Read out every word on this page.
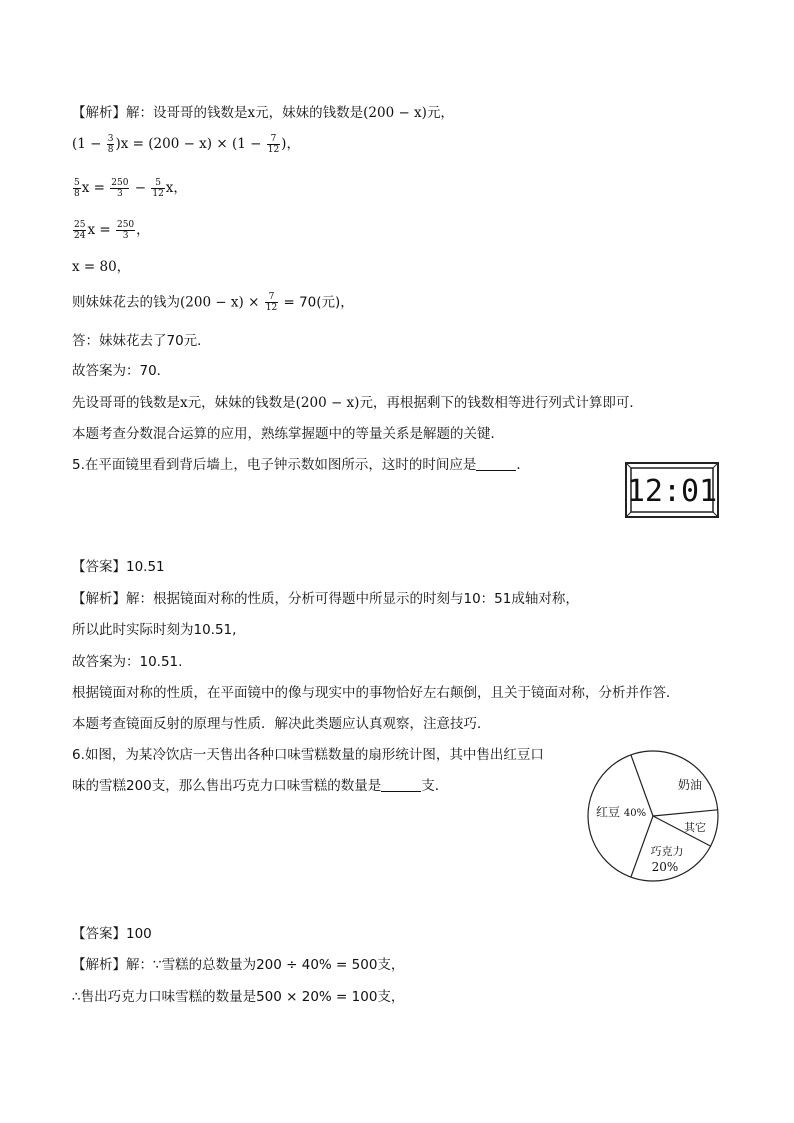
【解析】解：设哥哥的钱数是x元，妹妹的钱数是(200 − x)元，
$(1 - \frac{3}{8} )x = (200 - x) \times (1 - \frac{7}{12}$ )，
$\frac{5}{8}$ $x = \frac{250}{3} - \frac{5}{12}$ x，
$\frac{25}{24}$ $x = \frac{250}{3}$ ，
x = 80，
则妹妹花去的钱为$(200 - x) \times \frac{7}{12} = 70$(元)，
答：妹妹花去了70元．
故答案为：70．
先设哥哥的钱数是x元，妹妹的钱数是(200 − x)元，再根据剩下的钱数相等进行列式计算即可．
本题考查分数混合运算的应用，熟练掌握题中的等量关系是解题的关键．
5.在平面镜里看到背后墙上，电子钟示数如图所示，这时的时间应是	．
12:01
【答案】10.51
【解析】解：根据镜面对称的性质，分析可得题中所显示的时刻与10：51成轴对称，
所以此时实际时刻为10.51,
故答案为：10.51.
根据镜面对称的性质，在平面镜中的像与现实中的事物恰好左右颠倒，且关于镜面对称，分析并作答．
本题考查镜面反射的原理与性质．解决此类题应认真观察，注意技巧．
6.如图，为某冷饮店一天售出各种口味雪糕数量的扇形统计图，其中售出红豆口
味的雪糕200支，那么售出巧克力口味雪糕的数量是	支．	奶油
红豆 40%
其它
巧克力
20%
【答案】100
【解析】解：∵雪糕的总数量为200 ÷ 40% = 500支，
∴售出巧克力口味雪糕的数量是500 × 20% = 100支，
